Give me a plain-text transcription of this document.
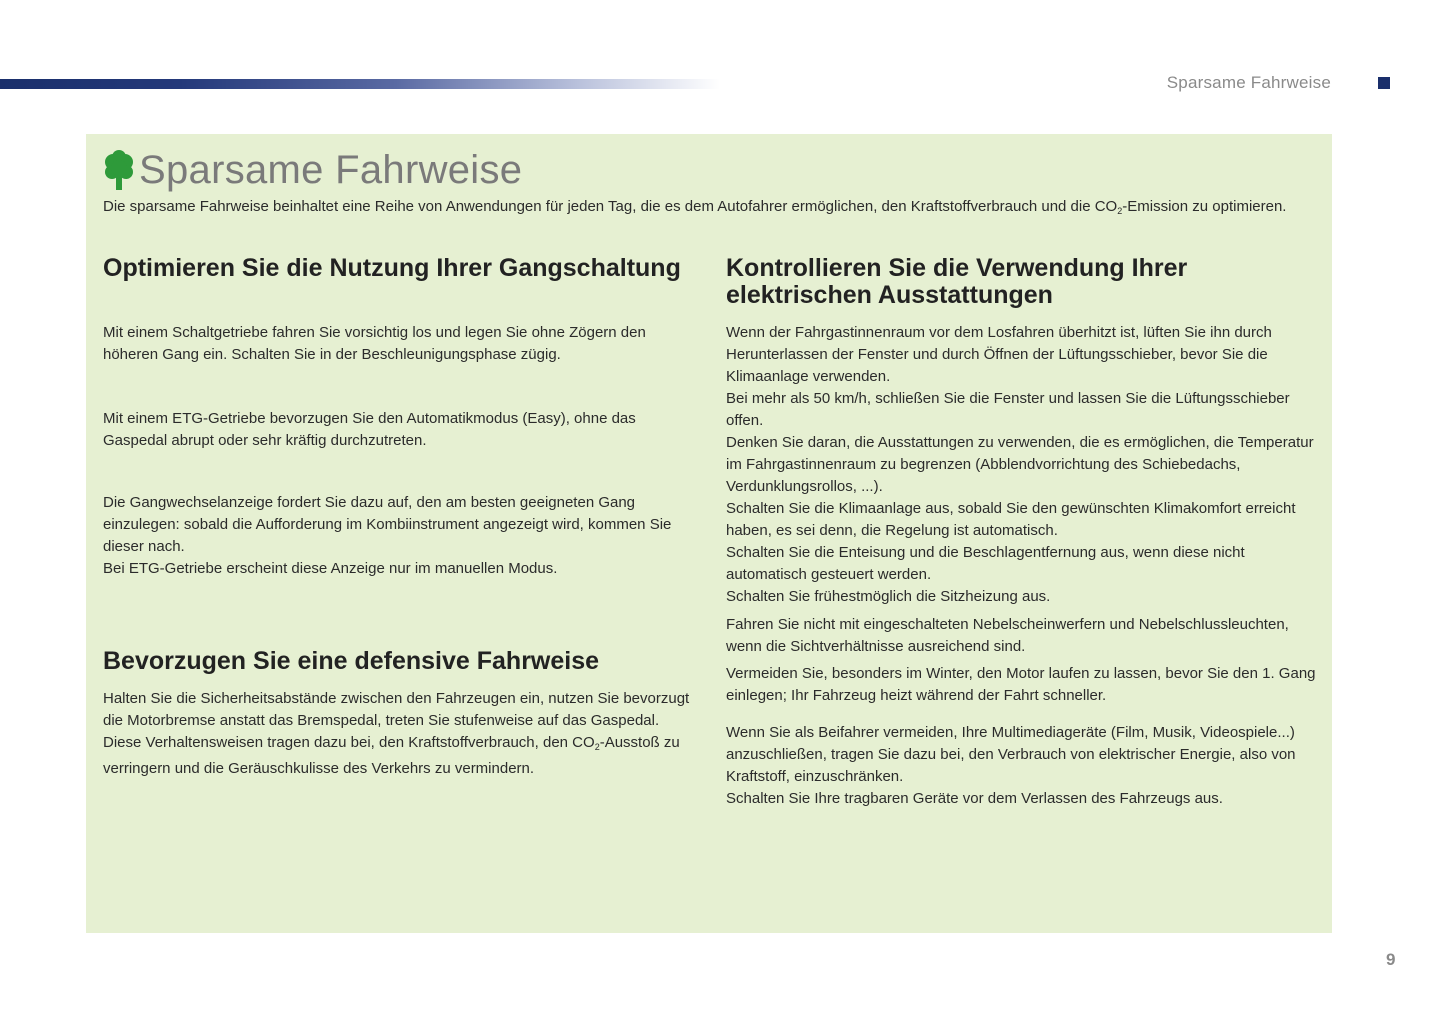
Sparsame Fahrweise
Sparsame Fahrweise

Die sparsame Fahrweise beinhaltet eine Reihe von Anwendungen für jeden Tag, die es dem Autofahrer ermöglichen, den Kraftstoffverbrauch und die $CO_2$-Emission zu optimieren.

Optimieren Sie die Nutzung Ihrer Gangschaltung

Mit einem Schaltgetriebe fahren Sie vorsichtig los und legen Sie ohne Zögern den höheren Gang ein. Schalten Sie in der Beschleunigungsphase zügig.

Mit einem ETG-Getriebe bevorzugen Sie den Automatikmodus (Easy), ohne das Gaspedal abrupt oder sehr kräftig durchzutreten.

Die Gangwechselanzeige fordert Sie dazu auf, den am besten geeigneten Gang einzulegen: sobald die Aufforderung im Kombiinstrument angezeigt wird, kommen Sie dieser nach.

Bei ETG-Getriebe erscheint diese Anzeige nur im manuellen Modus.

Bevorzugen Sie eine defensive Fahrweise

Halten Sie die Sicherheitsabstände zwischen den Fahrzeugen ein, nutzen Sie bevorzugt die Motorbremse anstatt das Bremspedal, treten Sie stufenweise auf das Gaspedal. Diese Verhaltensweisen tragen dazu bei, den Kraftstoffverbrauch, den $CO_2$-Ausstoß zu verringern und die Geräuschkulisse des Verkehrs zu vermindern.

Kontrollieren Sie die Verwendung Ihrer elektrischen Ausstattungen

Wenn der Fahrgastinnenraum vor dem Losfahren überhitzt ist, lüften Sie ihn durch Herunterlassen der Fenster und durch Öffnen der Lüftungsschieber, bevor Sie die Klimaanlage verwenden.

Bei mehr als 50 km/h, schließen Sie die Fenster und lassen Sie die Lüftungsschieber offen.

Denken Sie daran, die Ausstattungen zu verwenden, die es ermöglichen, die Temperatur im Fahrgastinnenraum zu begrenzen (Abblendvorrichtung des Schiebedachs, Verdunklungsrollos, ...).

Schalten Sie die Klimaanlage aus, sobald Sie den gewünschten Klimakomfort erreicht haben, es sei denn, die Regelung ist automatisch.

Schalten Sie die Enteisung und die Beschlagentfernung aus, wenn diese nicht automatisch gesteuert werden.

Schalten Sie frühestmöglich die Sitzheizung aus.

Fahren Sie nicht mit eingeschalteten Nebelscheinwerfern und Nebelschlussleuchten, wenn die Sichtverhältnisse ausreichend sind.

Vermeiden Sie, besonders im Winter, den Motor laufen zu lassen, bevor Sie den 1. Gang einlegen; Ihr Fahrzeug heizt während der Fahrt schneller.

Wenn Sie als Beifahrer vermeiden, Ihre Multimediageräte (Film, Musik, Videospiele...) anzuschließen, tragen Sie dazu bei, den Verbrauch von elektrischer Energie, also von Kraftstoff, einzuschränken.

Schalten Sie Ihre tragbaren Geräte vor dem Verlassen des Fahrzeugs aus.

9
